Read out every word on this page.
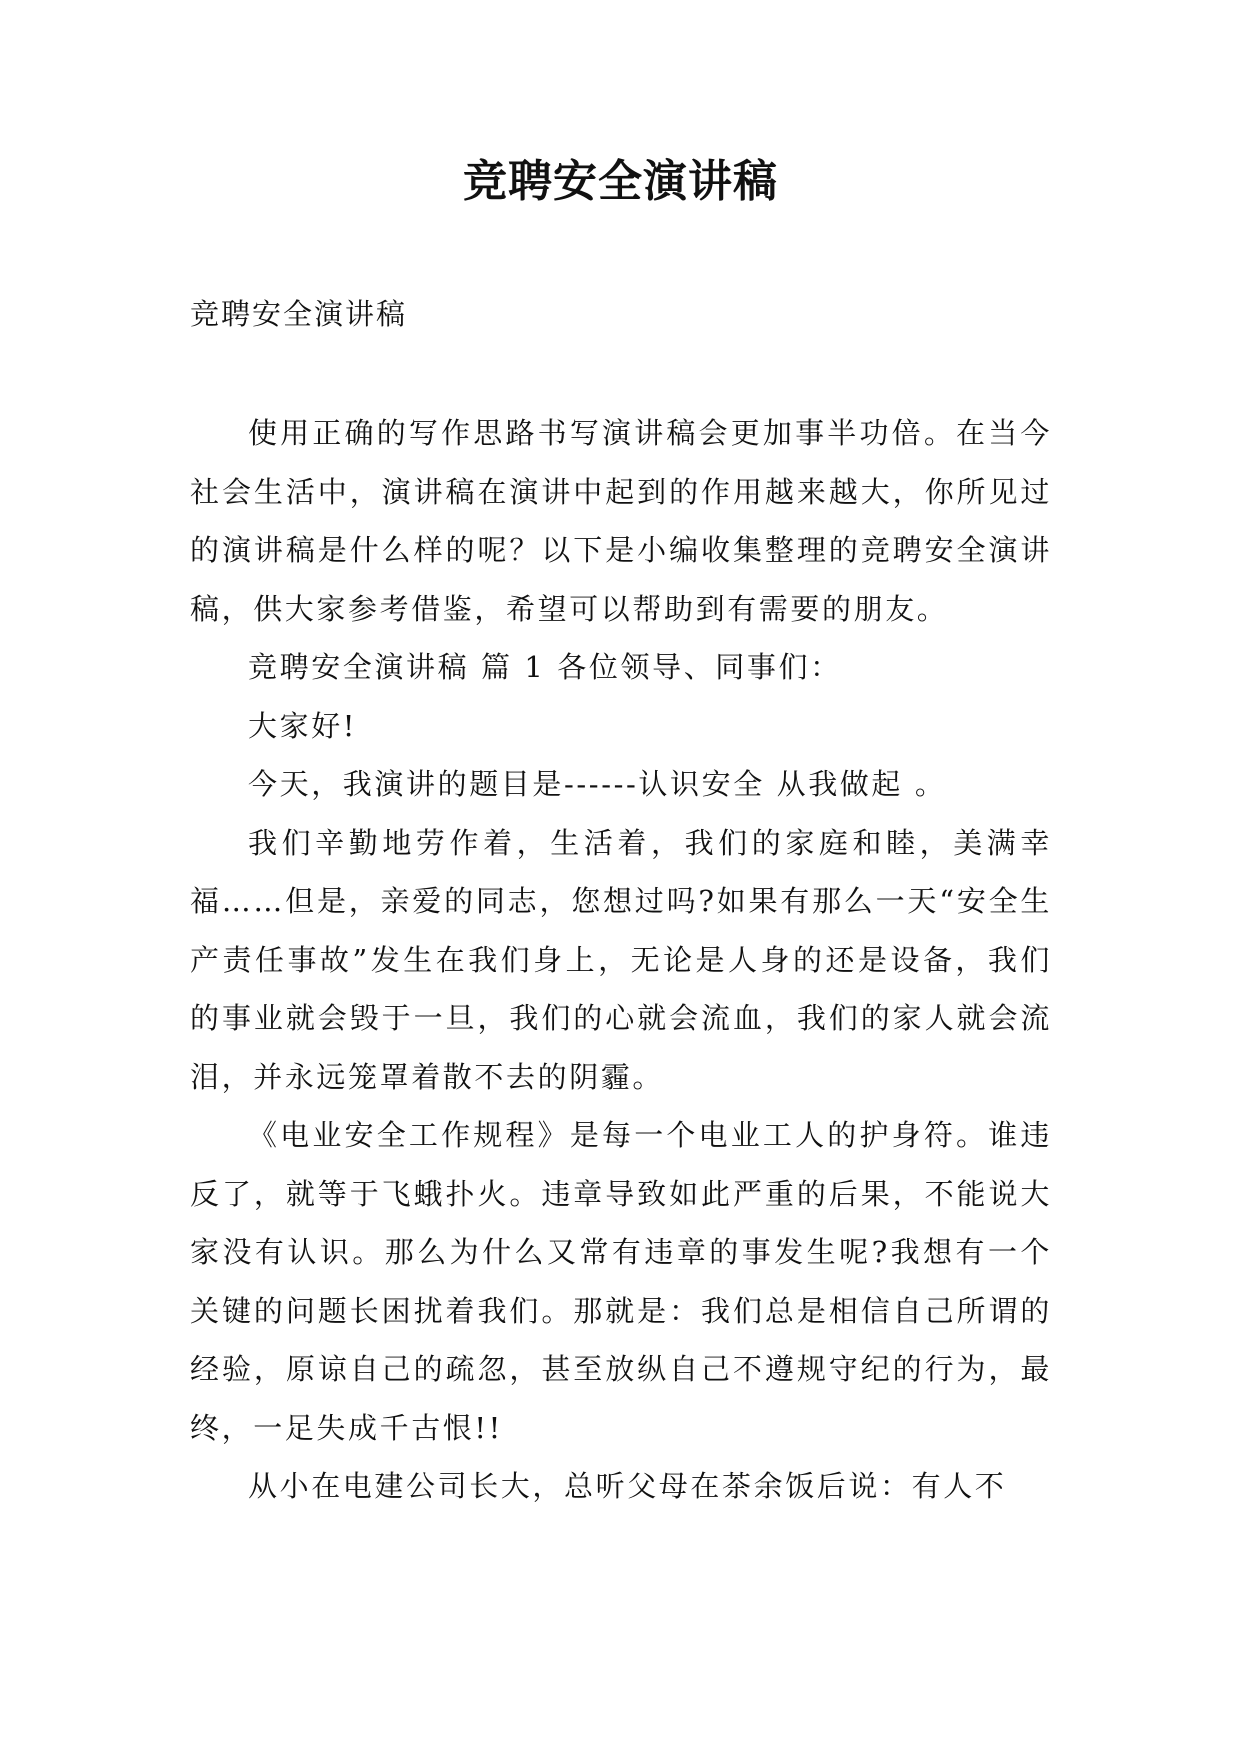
竞聘安全演讲稿
竞聘安全演讲稿

使用正确的写作思路书写演讲稿会更加事半功倍。在当今社会生活中，演讲稿在演讲中起到的作用越来越大，你所见过的演讲稿是什么样的呢？以下是小编收集整理的竞聘安全演讲稿，供大家参考借鉴，希望可以帮助到有需要的朋友。

竞聘安全演讲稿 篇 1 各位领导、同事们：

大家好!

今天，我演讲的题目是------认识安全 从我做起 。

我们辛勤地劳作着，生活着，我们的家庭和睦，美满幸福……但是，亲爱的同志，您想过吗?如果有那么一天“安全生产责任事故”发生在我们身上，无论是人身的还是设备，我们的事业就会毁于一旦，我们的心就会流血，我们的家人就会流泪，并永远笼罩着散不去的阴霾。

《电业安全工作规程》是每一个电业工人的护身符。谁违反了，就等于飞蛾扑火。违章导致如此严重的后果，不能说大家没有认识。那么为什么又常有违章的事发生呢?我想有一个关键的问题长困扰着我们。那就是：我们总是相信自己所谓的经验，原谅自己的疏忽，甚至放纵自己不遵规守纪的行为，最终，一足失成千古恨!!

从小在电建公司长大，总听父母在茶余饭后说：有人不
